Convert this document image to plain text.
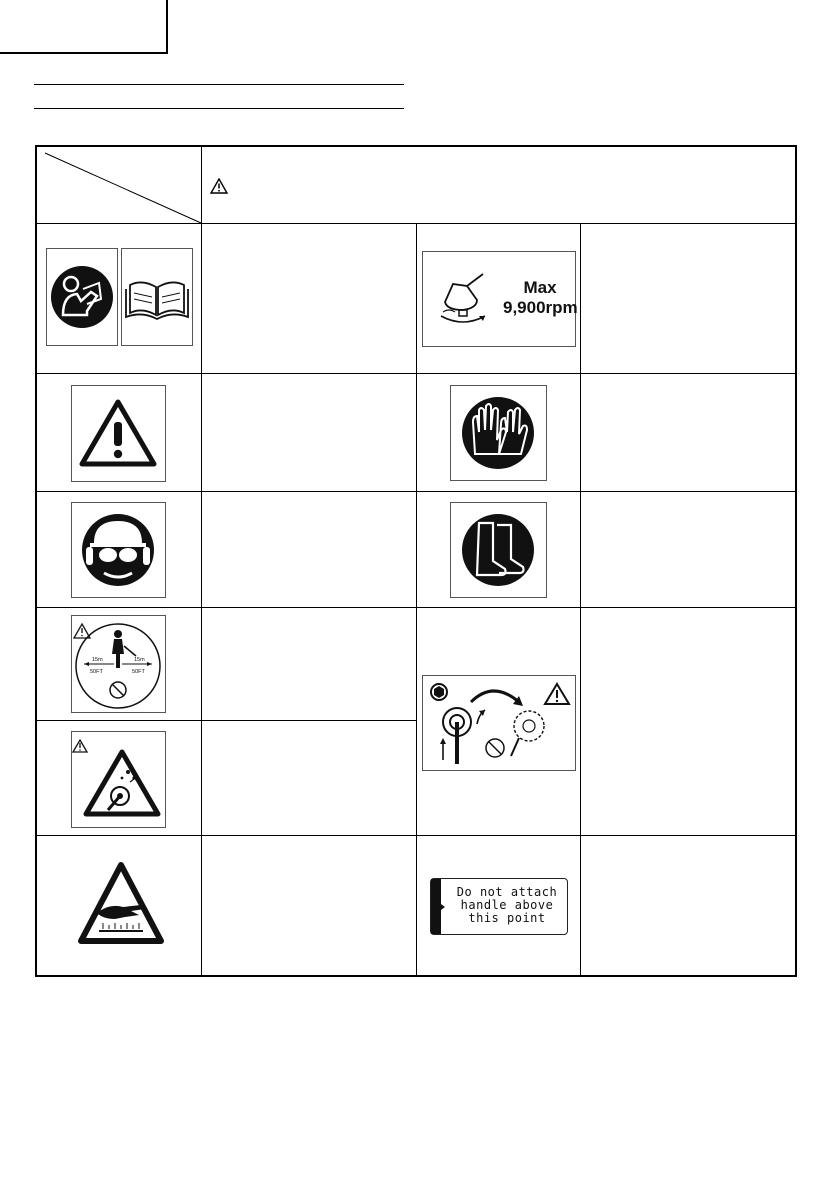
Max
9,900rpm
15m	15m
50FT	50FT
Do not attach
handle above
this point
